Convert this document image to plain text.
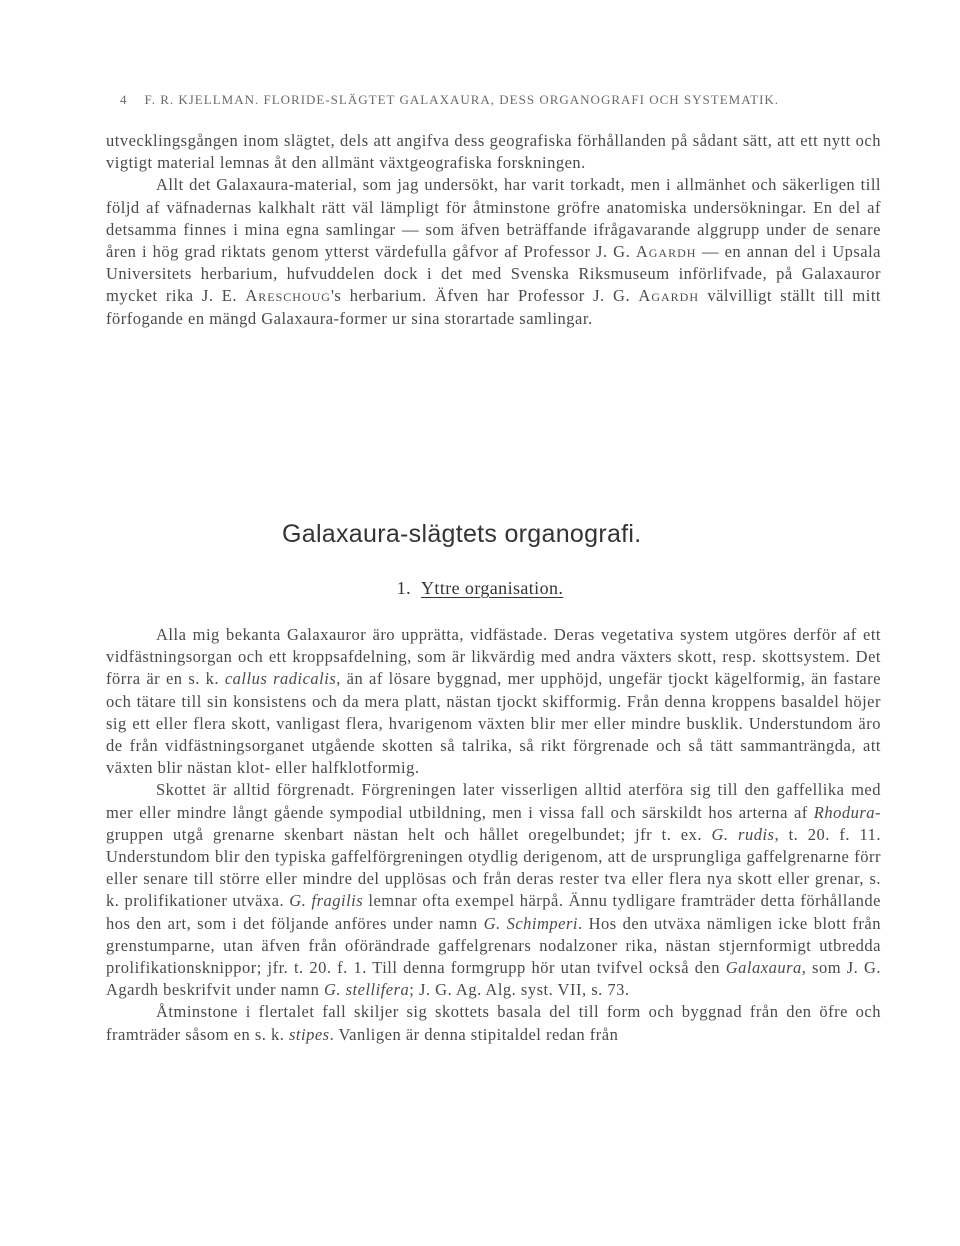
4 F. R. KJELLMAN. FLORIDE-SLÄGTET GALAXAURA, DESS ORGANOGRAFI OCH SYSTEMATIK.

utvecklingsgången inom slägtet, dels att angifva dess geografiska förhållanden på sådant sätt, att ett nytt och vigtigt material lemnas åt den allmänt växtgeografiska forskningen.

Allt det Galaxaura-material, som jag undersökt, har varit torkadt, men i allmänhet och säkerligen till följd af väfnadernas kalkhalt rätt väl lämpligt för åtminstone gröfre anatomiska undersökningar. En del af detsamma finnes i mina egna samlingar — som äfven beträffande ifrågavarande alggrupp under de senare åren i hög grad riktats genom ytterst värdefulla gåfvor af Professor J. G. Agardh — en annan del i Upsala Universitets herbarium, hufvuddelen dock i det med Svenska Riksmuseum införlifvade, på Galaxauror mycket rika J. E. Areschoug's herbarium. Äfven har Professor J. G. Agardh välvilligt ställt till mitt förfogande en mängd Galaxaura-former ur sina storartade samlingar.

Galaxaura-slägtets organografi.
1. Yttre organisation.

Alla mig bekanta Galaxauror äro upprätta, vidfästade. Deras vegetativa system utgöres derför af ett vidfästningsorgan och ett kroppsafdelning, som är likvärdig med andra växters skott, resp. skottsystem. Det förra är en s. k. callus radicalis, än af lösare byggnad, mer upphöjd, ungefär tjockt kägelformig, än fastare och tätare till sin konsistens och da mera platt, nästan tjockt skifformig. Från denna kroppens basaldel höjer sig ett eller flera skott, vanligast flera, hvarigenom växten blir mer eller mindre busklik. Understundom äro de från vidfästningsorganet utgående skotten så talrika, så rikt förgrenade och så tätt sammanträngda, att växten blir nästan klot- eller halfklotformig.

Skottet är alltid förgrenadt. Förgreningen later visserligen alltid aterföra sig till den gaffellika med mer eller mindre långt gående sympodial utbildning, men i vissa fall och särskildt hos arterna af Rhodura-gruppen utgå grenarne skenbart nästan helt och hållet oregelbundet; jfr t. ex. G. rudis, t. 20. f. 11. Understundom blir den typiska gaffelförgreningen otydlig derigenom, att de ursprungliga gaffelgrenarne förr eller senare till större eller mindre del upplösas och från deras rester tva eller flera nya skott eller grenar, s. k. prolifikationer utväxa. G. fragilis lemnar ofta exempel härpå. Ännu tydligare framträder detta förhållande hos den art, som i det följande anföres under namn G. Schimperi. Hos den utväxa nämligen icke blott från grenstumparne, utan äfven från oförändrade gaffelgrenars nodalzoner rika, nästan stjernformigt utbredda prolifikationsknippor; jfr. t. 20. f. 1. Till denna formgrupp hör utan tvifvel också den Galaxaura, som J. G. Agardh beskrifvit under namn G. stellifera; J. G. Ag. Alg. syst. VII, s. 73.

Åtminstone i flertalet fall skiljer sig skottets basala del till form och byggnad från den öfre och framträder såsom en s. k. stipes. Vanligen är denna stipitaldel redan från
